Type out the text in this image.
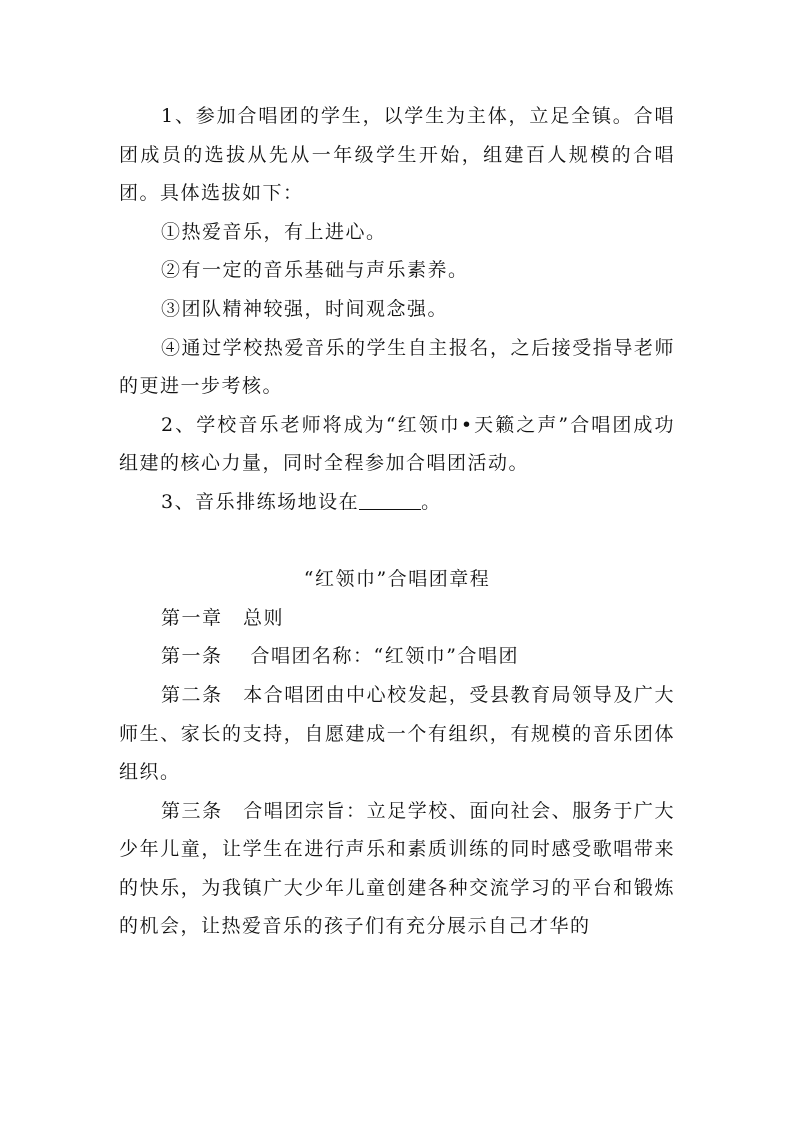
1、参加合唱团的学生，以学生为主体，立足全镇。合唱团成员的选拔从先从一年级学生开始，组建百人规模的合唱团。具体选拔如下：

①热爱音乐，有上进心。

②有一定的音乐基础与声乐素养。

③团队精神较强，时间观念强。

④通过学校热爱音乐的学生自主报名，之后接受指导老师的更进一步考核。

2、学校音乐老师将成为“红领巾•天籁之声”合唱团成功组建的核心力量，同时全程参加合唱团活动。

3、音乐排练场地设在	。

“红领巾”合唱团章程

第一章　总则

第一条　 合唱团名称：“红领巾”合唱团

第二条　本合唱团由中心校发起，受县教育局领导及广大师生、家长的支持，自愿建成一个有组织，有规模的音乐团体组织。

第三条　合唱团宗旨：立足学校、面向社会、服务于广大少年儿童，让学生在进行声乐和素质训练的同时感受歌唱带来的快乐，为我镇广大少年儿童创建各种交流学习的平台和锻炼的机会，让热爱音乐的孩子们有充分展示自己才华的
